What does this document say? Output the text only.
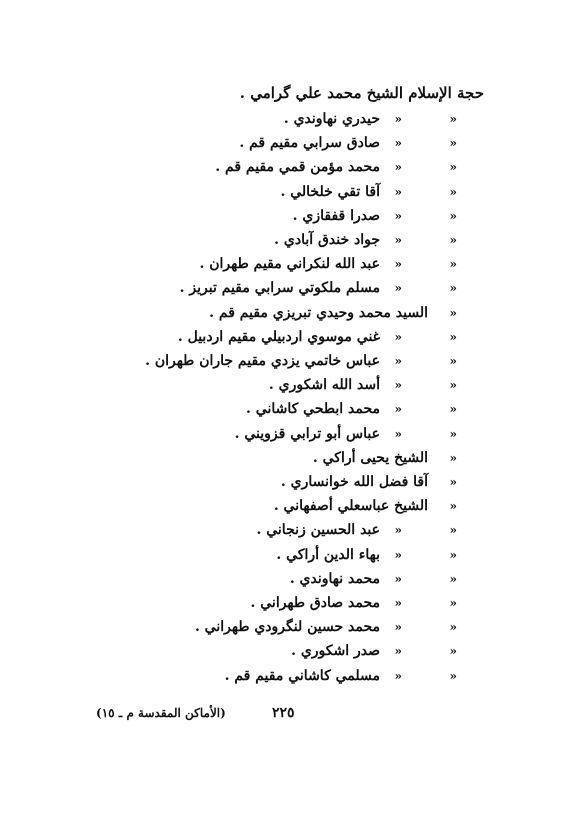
حجة الإسلام الشيخ محمد علي گرامي .
«
«
حيدري نهاوندي .
«
«
صادق سرابي مقيم قم .
«
«
محمد مؤمن قمي مقيم قم .
«
«
آقا تقي خلخالي .
«
«
صدرا قفقازي .
«
«
جواد خندق آبادي .
«
«
عبد الله لنكراني مقيم طهران .
«
«
مسلم ملكوتي سرابي مقيم تبريز .
«
السيد محمد وحيدي تبريزي مقيم قم .
«
«
غني موسوي اردبيلي مقيم اردبيل .
«
«
عباس خاتمي يزدي مقيم جاران طهران .
«
«
أسد الله اشكوري .
«
«
محمد ابطحي كاشاني .
«
«
عباس أبو ترابي قزويني .
«
الشيخ يحيى أراكي .
«
آقا فضل الله خوانساري .
«
الشيخ عباسعلي أصفهاني .
«
«
عبد الحسين زنجاني .
«
«
بهاء الدين أراكي .
«
«
محمد نهاوندي .
«
«
محمد صادق طهراني .
«
«
محمد حسين لنگرودي طهراني .
«
«
صدر اشكوري .
«
«
مسلمي كاشاني مقيم قم .
٢٢٥
(الأماكن المقدسة م ـ ١٥)
